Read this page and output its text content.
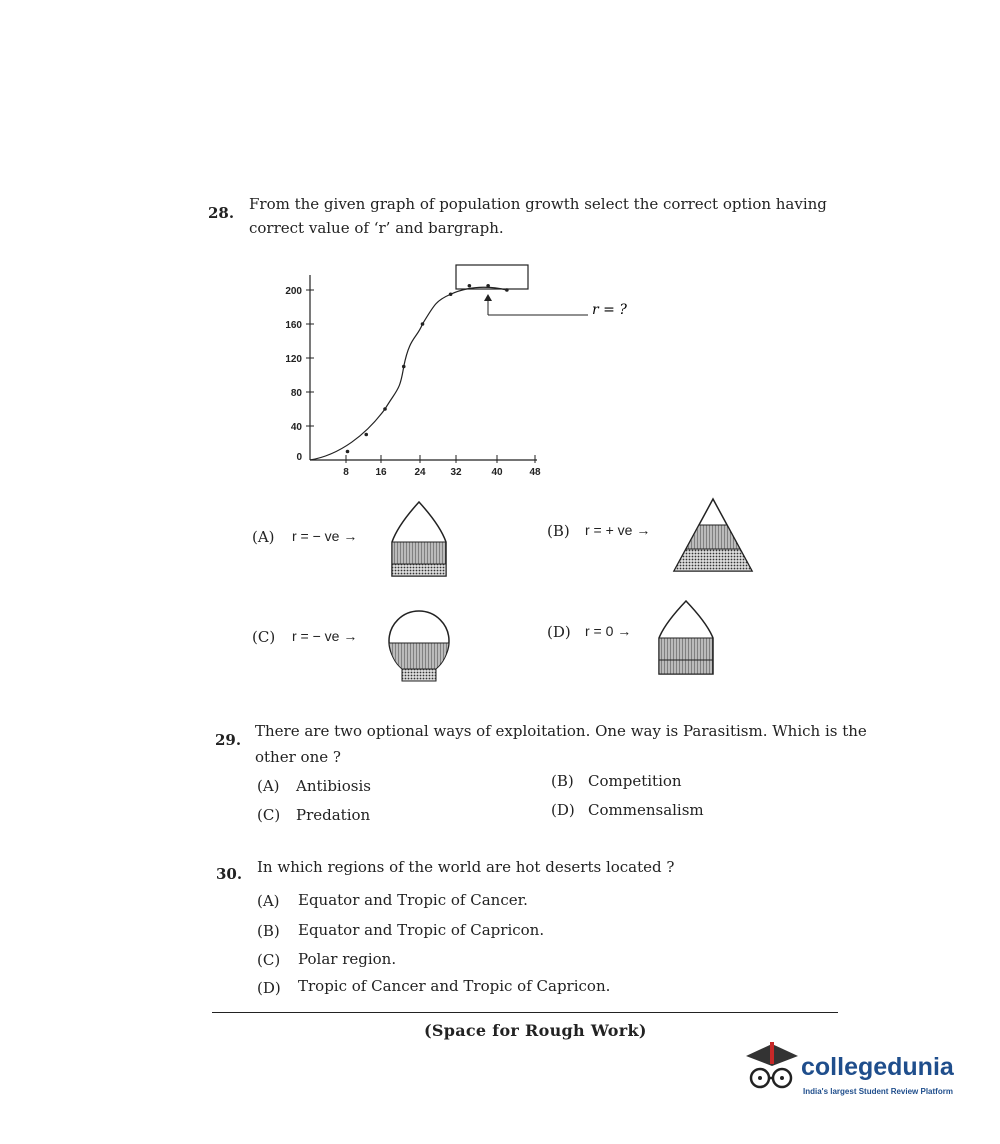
28. From the given graph of population growth select the correct option having
correct value of ‘r’ and bargraph.
0
40
80
120
160
200
8	16	24 32	40	48
r = ?
(A) r = − ve →	(B) r = + ve →
(C) r = − ve →	(D) r = 0 →
29. There are two optional ways of exploitation. One way is Parasitism. Which is the
other one ?
(A) Antibiosis	(B) Competition
(C) Predation	(D) Commensalism
30. In which regions of the world are hot deserts located ?
(A) Equator and Tropic of Cancer.
(B) Equator and Tropic of Capricon.
(C) Polar region.
(D) Tropic of Cancer and Tropic of Capricon.
(Space for Rough Work)
collegedunia
India's largest Student Review Platform
